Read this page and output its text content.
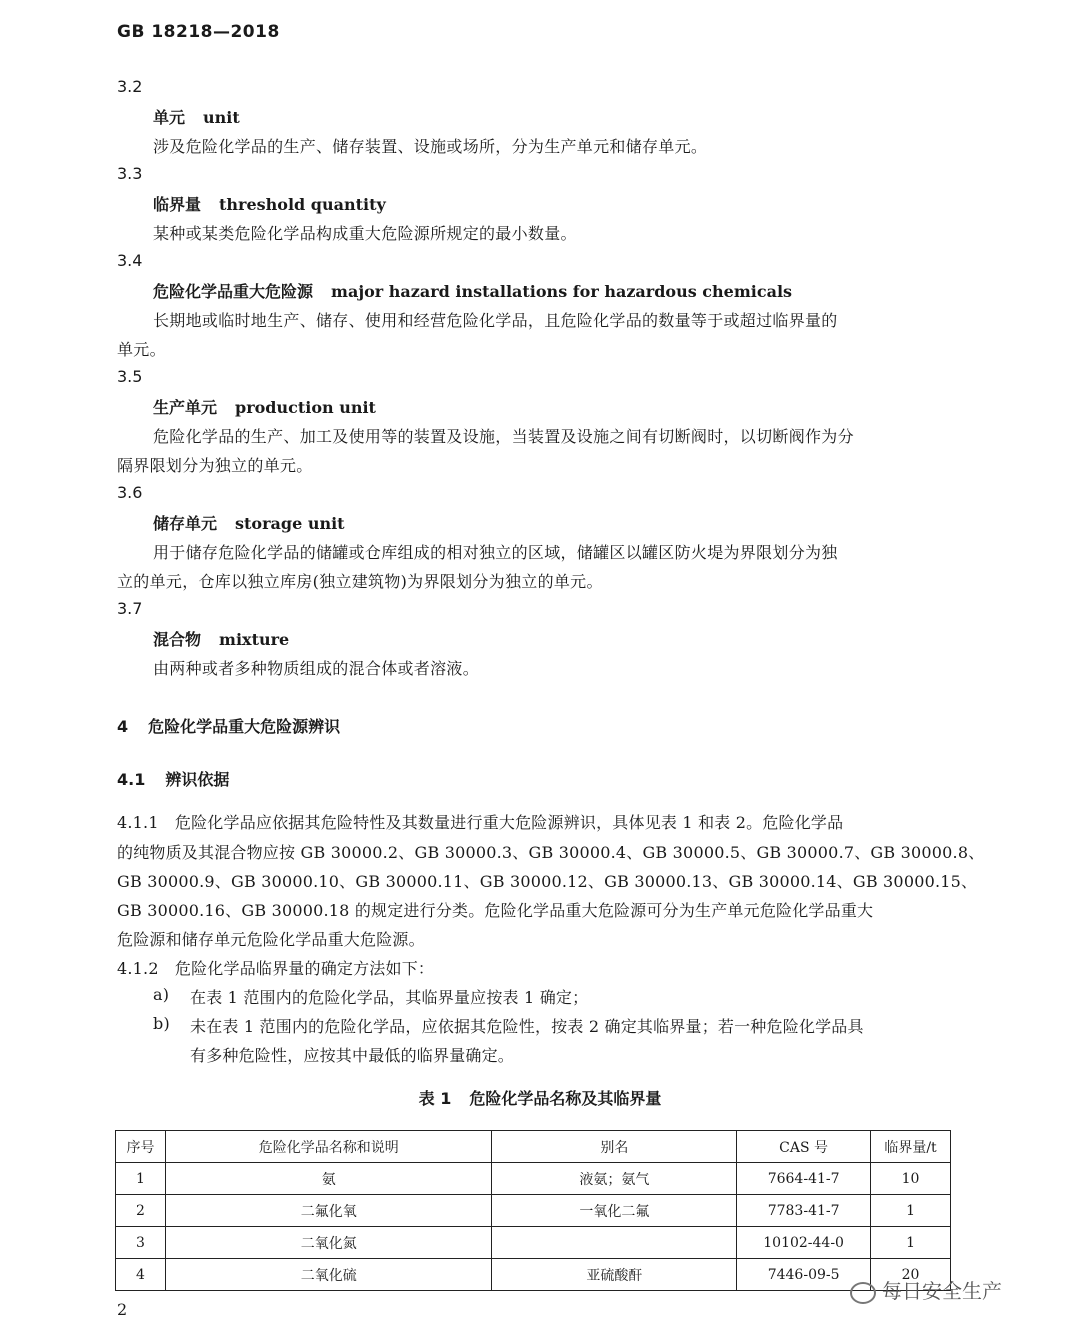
GB 18218—2018
3.2
单元 unit
涉及危险化学品的生产、储存装置、设施或场所，分为生产单元和储存单元。
3.3
临界量 threshold quantity
某种或某类危险化学品构成重大危险源所规定的最小数量。
3.4
危险化学品重大危险源 major hazard installations for hazardous chemicals
长期地或临时地生产、储存、使用和经营危险化学品，且危险化学品的数量等于或超过临界量的
单元。
3.5
生产单元 production unit
危险化学品的生产、加工及使用等的装置及设施，当装置及设施之间有切断阀时，以切断阀作为分
隔界限划分为独立的单元。
3.6
储存单元 storage unit
用于储存危险化学品的储罐或仓库组成的相对独立的区域，储罐区以罐区防火堤为界限划分为独
立的单元，仓库以独立库房(独立建筑物)为界限划分为独立的单元。
3.7
混合物 mixture
由两种或者多种物质组成的混合体或者溶液。
4 危险化学品重大危险源辨识
4.1 辨识依据
4.1.1　危险化学品应依据其危险特性及其数量进行重大危险源辨识，具体见表 1 和表 2。危险化学品
的纯物质及其混合物应按 GB 30000.2、GB 30000.3、GB 30000.4、GB 30000.5、GB 30000.7、GB 30000.8、
GB 30000.9、GB 30000.10、GB 30000.11、GB 30000.12、GB 30000.13、GB 30000.14、GB 30000.15、
GB 30000.16、GB 30000.18 的规定进行分类。危险化学品重大危险源可分为生产单元危险化学品重大
危险源和储存单元危险化学品重大危险源。
4.1.2　危险化学品临界量的确定方法如下：
a) 在表 1 范围内的危险化学品，其临界量应按表 1 确定；
b) 未在表 1 范围内的危险化学品，应依据其危险性，按表 2 确定其临界量；若一种危险化学品具
有多种危险性，应按其中最低的临界量确定。
表 1 危险化学品名称及其临界量
序号	危险化学品名称和说明	别名	CAS 号	临界量/t
1	氨	液氨；氨气	7664-41-7	10
2	二氟化氧	一氧化二氟	7783-41-7	1
3	二氧化氮		10102-44-0	1
4	二氧化硫	亚硫酸酐	7446-09-5	20
2
每日安全生产
